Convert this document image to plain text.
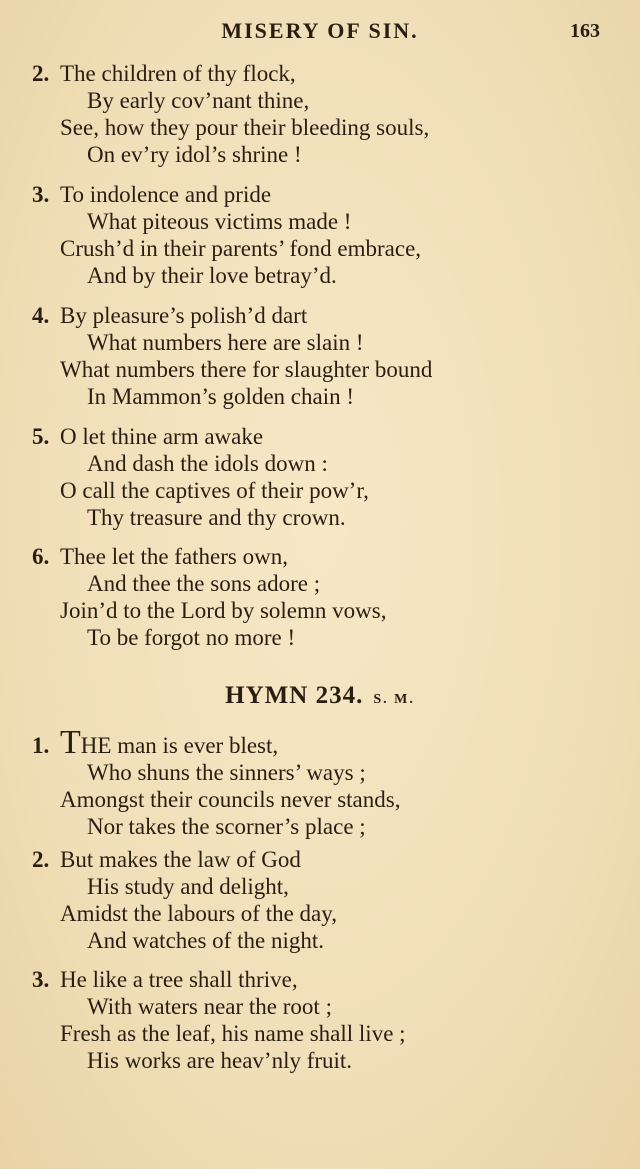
MISERY OF SIN.	163
2. The children of thy flock,
By early cov’nant thine,
See, how they pour their bleeding souls,
On ev’ry idol’s shrine !
3. To indolence and pride
What piteous victims made !
Crush’d in their parents’ fond embrace,
And by their love betray’d.
4. By pleasure’s polish’d dart
What numbers here are slain !
What numbers there for slaughter bound
In Mammon’s golden chain !
5. O let thine arm awake
And dash the idols down :
O call the captives of their pow’r,
Thy treasure and thy crown.
6. Thee let the fathers own,
And thee the sons adore ;
Join’d to the Lord by solemn vows,
To be forgot no more !
HYMN 234. S. M.
1. THE man is ever blest,
Who shuns the sinners’ ways ;
Amongst their councils never stands,
Nor takes the scorner’s place ;
2. But makes the law of God
His study and delight,
Amidst the labours of the day,
And watches of the night.
3. He like a tree shall thrive,
With waters near the root ;
Fresh as the leaf, his name shall live ;
His works are heav’nly fruit.
